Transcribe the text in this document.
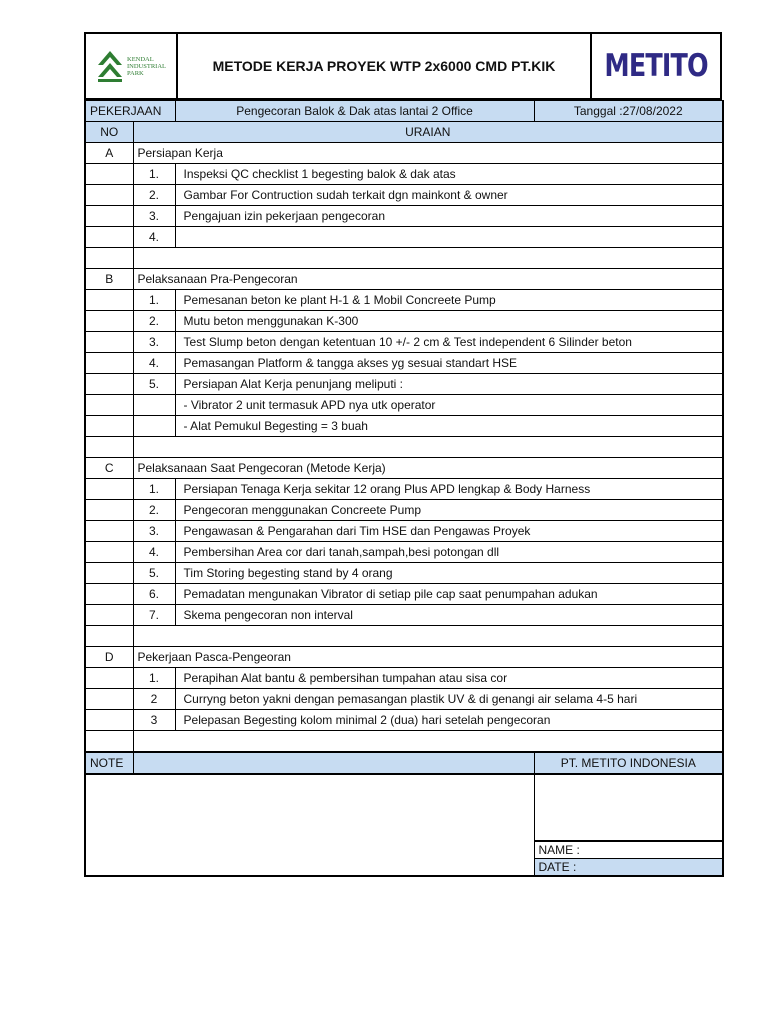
KENDAL
INDUSTRIAL
PARK	METODE KERJA PROYEK WTP 2x6000 CMD PT.KIK	METITO
PEKERJAAN		Pengecoran Balok & Dak atas lantai 2 Office	Tanggal :27/08/2022
NO	URAIAN		
A	Persiapan Kerja		
	1.	Inspeksi QC checklist 1 begesting balok & dak atas	
	2.	Gambar For Contruction sudah terkait dgn mainkont & owner	
	3.	Pengajuan izin pekerjaan pengecoran	
	4.		

B	Pelaksanaan Pra-Pengecoran		
	1.	Pemesanan beton ke plant H-1 & 1 Mobil Concreete Pump	
	2.	Mutu beton menggunakan K-300	
	3.	Test Slump beton dengan ketentuan 10 +/- 2 cm & Test independent 6 Silinder beton	
	4.	Pemasangan Platform & tangga akses yg sesuai standart HSE	
	5.	Persiapan Alat Kerja penunjang meliputi :	
		- Vibrator 2 unit termasuk APD nya utk operator	
		- Alat Pemukul Begesting = 3 buah	

C	Pelaksanaan Saat Pengecoran (Metode Kerja)		
	1.	Persiapan Tenaga Kerja sekitar 12 orang Plus APD lengkap & Body Harness	
	2.	Pengecoran menggunakan Concreete Pump	
	3.	Pengawasan & Pengarahan dari Tim HSE dan Pengawas Proyek	
	4.	Pembersihan Area cor dari tanah,sampah,besi potongan dll	
	5.	Tim Storing begesting stand by 4 orang	
	6.	Pemadatan mengunakan Vibrator di setiap pile cap saat penumpahan adukan	
	7.	Skema pengecoran non interval	

D	Pekerjaan Pasca-Pengeoran		
	1.	Perapihan Alat bantu & pembersihan tumpahan atau sisa cor	
	2	Curryng beton yakni dengan pemasangan plastik UV & di genangi air selama 4-5 hari	
	3	Pelepasan Begesting kolom minimal 2 (dua) hari setelah pengecoran	

NOTE			PT. METITO INDONESIA

			NAME :
			DATE :
